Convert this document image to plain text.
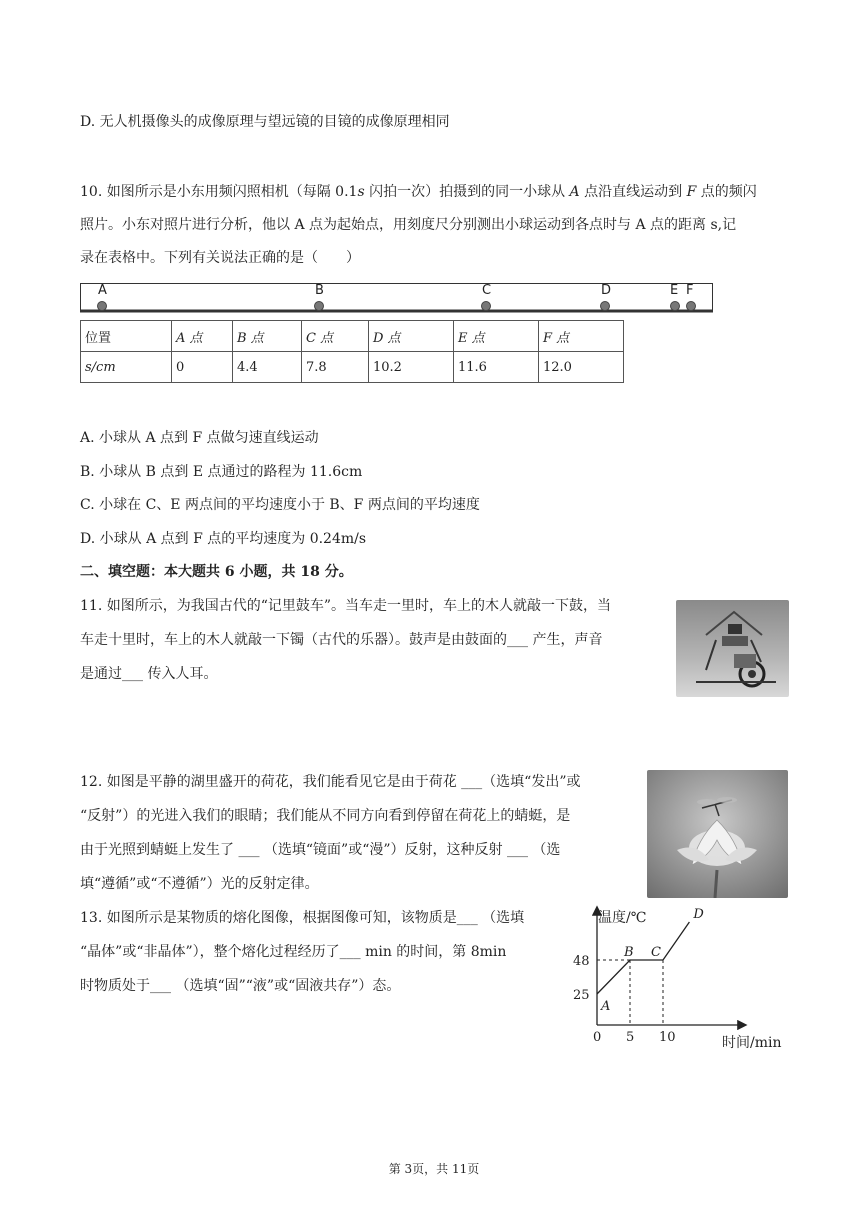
D. 无人机摄像头的成像原理与望远镜的目镜的成像原理相同
10. 如图所示是小东用频闪照相机（每隔 0.1s 闪拍一次）拍摄到的同一小球从 A 点沿直线运动到 F 点的频闪
照片。小东对照片进行分析，他以 A 点为起始点，用刻度尺分别测出小球运动到各点时与 A 点的距离 s,记
录在表格中。下列有关说法正确的是（　　）
A	B	C	D	E F
位置	A 点	B 点	C 点	D 点	E 点	F 点
s/cm	0	4.4	7.8	10.2	11.6	12.0
A. 小球从 A 点到 F 点做匀速直线运动
B. 小球从 B 点到 E 点通过的路程为 11.6cm
C. 小球在 C、E 两点间的平均速度小于 B、F 两点间的平均速度
D. 小球从 A 点到 F 点的平均速度为 0.24m/s
二、填空题：本大题共 6 小题，共 18 分。
11. 如图所示，为我国古代的“记里鼓车”。当车走一里时，车上的木人就敲一下鼓，当
车走十里时，车上的木人就敲一下镯（古代的乐器）。鼓声是由鼓面的___ 产生，声音
是通过___ 传入人耳。
12. 如图是平静的湖里盛开的荷花，我们能看见它是由于荷花 ___（选填“发出”或
“反射”）的光进入我们的眼睛；我们能从不同方向看到停留在荷花上的蜻蜓，是
由于光照到蜻蜓上发生了 ___ （选填“镜面”或“漫”）反射，这种反射 ___ （选
填“遵循”或“不遵循”）光的反射定律。
13. 如图所示是某物质的熔化图像，根据图像可知，该物质是___ （选填
“晶体”或“非晶体”），整个熔化过程经历了___ min 的时间，第 8min
时物质处于___ （选填“固”“液”或“固液共存”）态。
温度/℃
时间/min
A
B C
D
0 5 10
25
48
第 3页，共 11页
